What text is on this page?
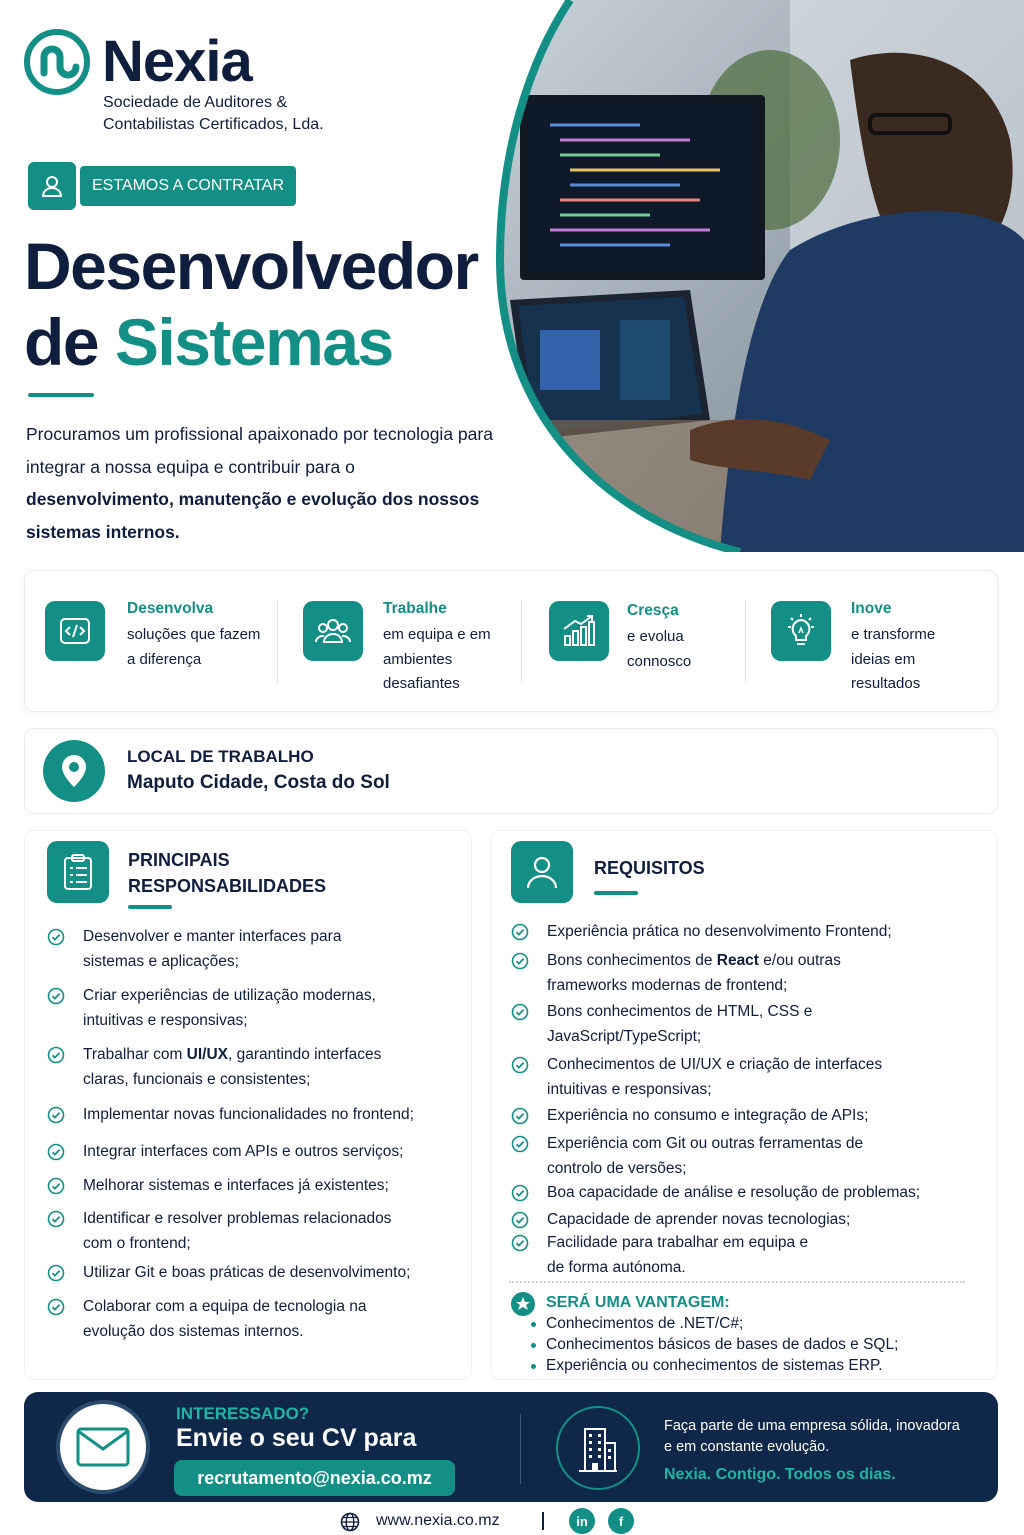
Nexia
Sociedade de Auditores &
Contabilistas Certificados, Lda.
ESTAMOS A CONTRATAR
Desenvolvedor
de Sistemas
Procuramos um profissional apaixonado por tecnologia para integrar a nossa equipa e contribuir para o desenvolvimento, manutenção e evolução dos nossos sistemas internos.
Desenvolva
soluções que fazem a diferença
Trabalhe
em equipa e em ambientes desafiantes
Cresça
e evolua connosco
Inove
e transforme ideias em resultados
LOCAL DE TRABALHO
Maputo Cidade, Costa do Sol
PRINCIPAIS
RESPONSABILIDADES
Desenvolver e manter interfaces para
sistemas e aplicações;
Criar experiências de utilização modernas,
intuitivas e responsivas;
Trabalhar com UI/UX, garantindo interfaces
claras, funcionais e consistentes;
Implementar novas funcionalidades no frontend;
Integrar interfaces com APIs e outros serviços;
Melhorar sistemas e interfaces já existentes;
Identificar e resolver problemas relacionados
com o frontend;
Utilizar Git e boas práticas de desenvolvimento;
Colaborar com a equipa de tecnologia na
evolução dos sistemas internos.
REQUISITOS
Experiência prática no desenvolvimento Frontend;
Bons conhecimentos de React e/ou outras
frameworks modernas de frontend;
Bons conhecimentos de HTML, CSS e
JavaScript/TypeScript;
Conhecimentos de UI/UX e criação de interfaces
intuitivas e responsivas;
Experiência no consumo e integração de APIs;
Experiência com Git ou outras ferramentas de
controlo de versões;
Boa capacidade de análise e resolução de problemas;
Capacidade de aprender novas tecnologias;
Facilidade para trabalhar em equipa e
de forma autónoma.
SERÁ UMA VANTAGEM:
Conhecimentos de .NET/C#;
Conhecimentos básicos de bases de dados e SQL;
Experiência ou conhecimentos de sistemas ERP.
INTERESSADO?
Envie o seu CV para
recrutamento@nexia.co.mz
Faça parte de uma empresa sólida, inovadora e em constante evolução.
Nexia. Contigo. Todos os dias.
www.nexia.co.mz	in	f
